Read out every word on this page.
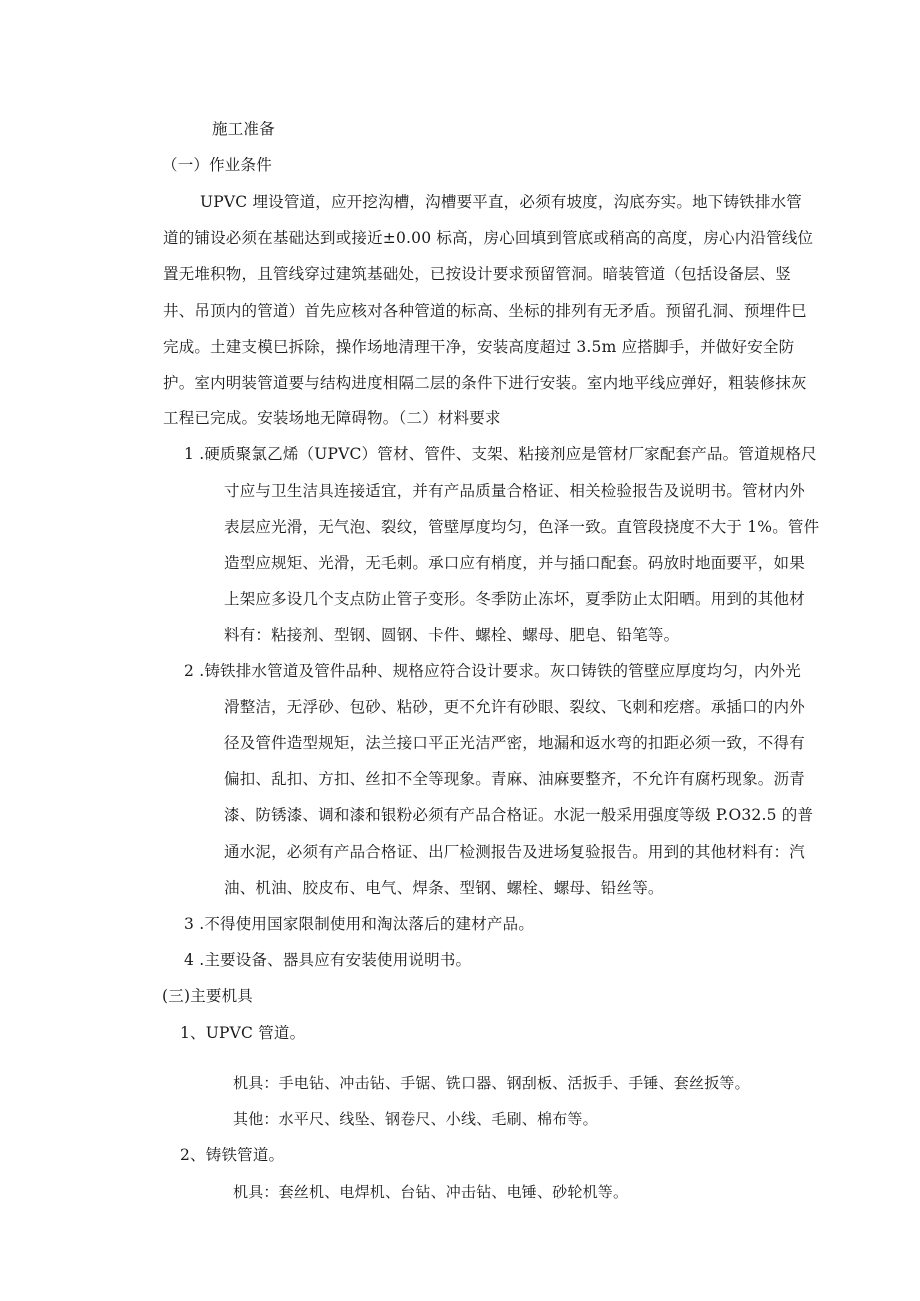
施工准备
（一）作业条件
UPVC 埋设管道，应开挖沟槽，沟槽要平直，必须有坡度，沟底夯实。地下铸铁排水管
道的铺设必须在基础达到或接近±0.00 标高，房心回填到管底或稍高的高度，房心内沿管线位
置无堆积物，且管线穿过建筑基础处，已按设计要求预留管洞。暗装管道（包括设备层、竖
井、吊顶内的管道）首先应核对各种管道的标高、坐标的排列有无矛盾。预留孔洞、预埋件巳
完成。土建支模巳拆除，操作场地清理干净，安装高度超过 3.5m 应搭脚手，并做好安全防
护。室内明装管道要与结构进度相隔二层的条件下进行安装。室内地平线应弹好，粗装修抹灰
工程已完成。安装场地无障碍物。（二）材料要求
1 .硬质聚氯乙烯（UPVC）管材、管件、支架、粘接剂应是管材厂家配套产品。管道规格尺
寸应与卫生洁具连接适宜，并有产品质量合格证、相关检验报告及说明书。管材内外
表层应光滑，无气泡、裂纹，管壁厚度均匀，色泽一致。直管段挠度不大于 1%。管件
造型应规矩、光滑，无毛刺。承口应有梢度，并与插口配套。码放时地面要平，如果
上架应多设几个支点防止管子变形。冬季防止冻坏，夏季防止太阳晒。用到的其他材
料有：粘接剂、型钢、圆钢、卡件、螺栓、螺母、肥皂、铅笔等。
2 .铸铁排水管道及管件品种、规格应符合设计要求。灰口铸铁的管壁应厚度均匀，内外光
滑整洁，无浮砂、包砂、粘砂，更不允许有砂眼、裂纹、飞刺和疙瘩。承插口的内外
径及管件造型规矩，法兰接口平正光洁严密，地漏和返水弯的扣距必须一致，不得有
偏扣、乱扣、方扣、丝扣不全等现象。青麻、油麻要整齐，不允许有腐朽现象。沥青
漆、防锈漆、调和漆和银粉必须有产品合格证。水泥一般采用强度等级 P.O32.5 的普
通水泥，必须有产品合格证、出厂检测报告及进场复验报告。用到的其他材料有：汽
油、机油、胶皮布、电气、焊条、型钢、螺栓、螺母、铅丝等。
3 .不得使用国家限制使用和淘汰落后的建材产品。
4 .主要设备、器具应有安装使用说明书。
(三)主要机具
1、UPVC 管道。
机具：手电钻、冲击钻、手锯、铣口器、钢刮板、活扳手、手锤、套丝扳等。
其他：水平尺、线坠、钢卷尺、小线、毛刷、棉布等。
2、铸铁管道。
机具：套丝机、电焊机、台钻、冲击钻、电锤、砂轮机等。
